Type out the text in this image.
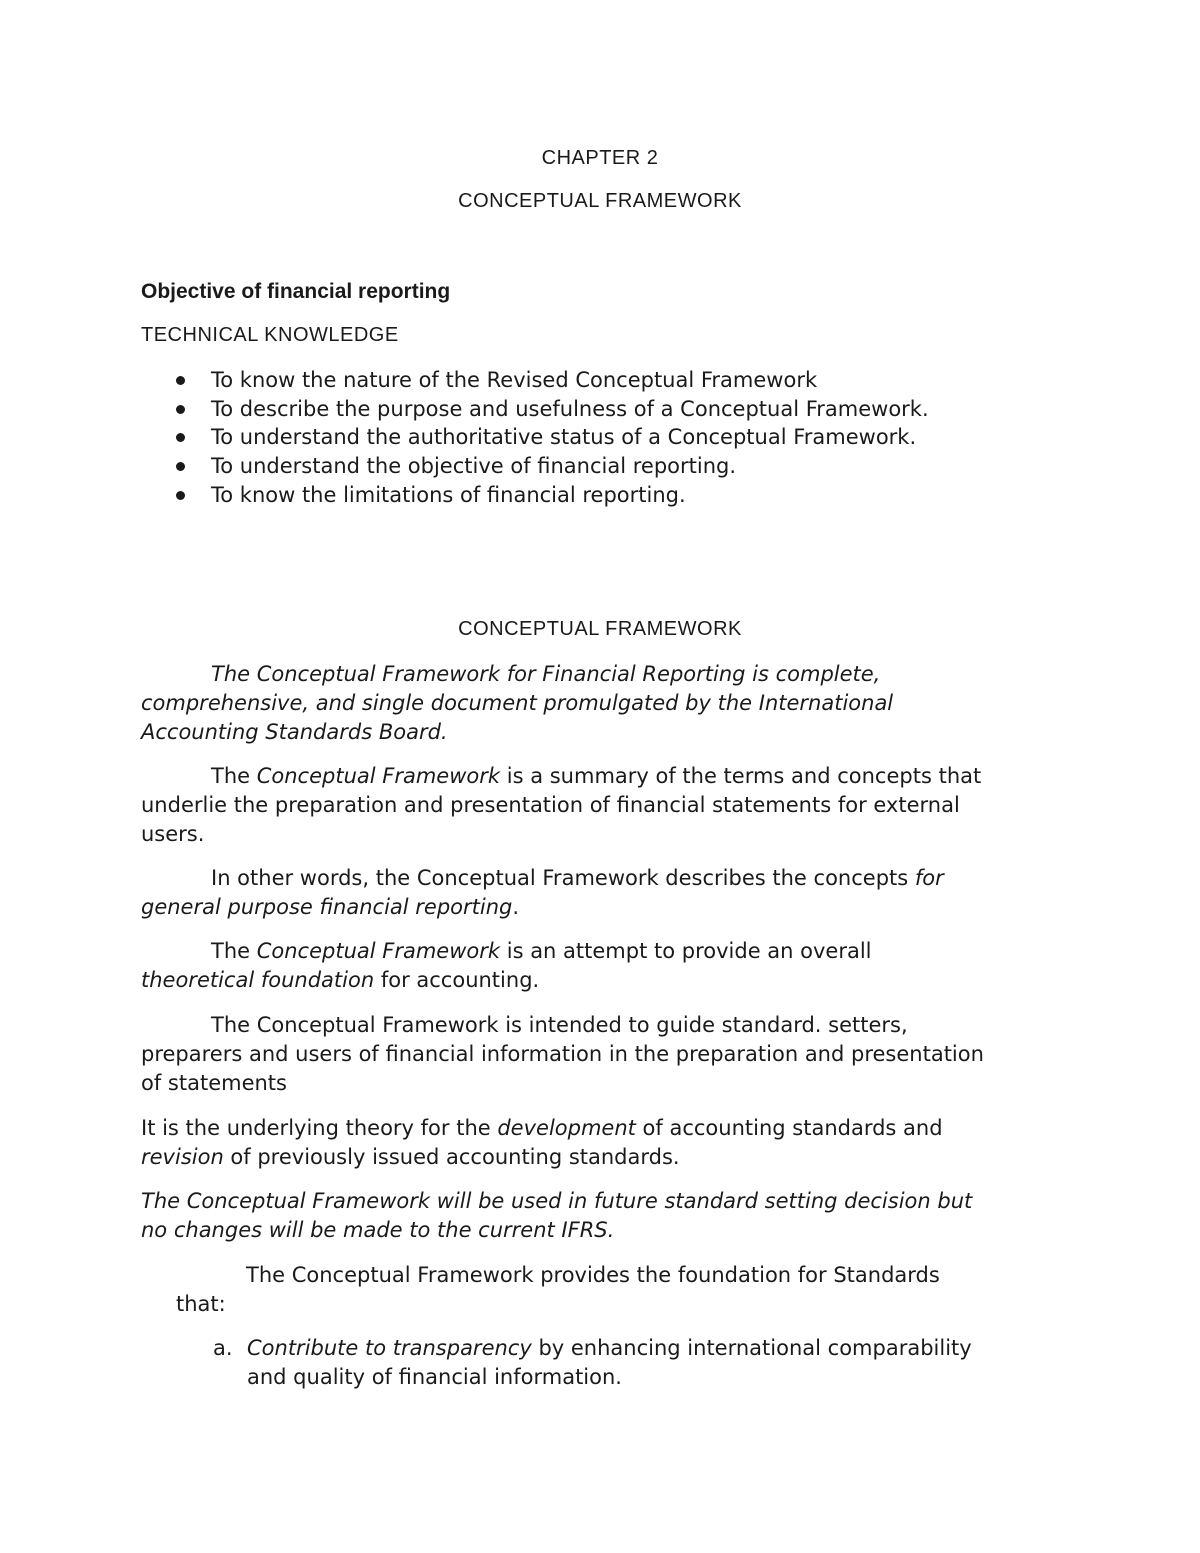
CHAPTER 2

CONCEPTUAL FRAMEWORK

Objective of financial reporting

TECHNICAL KNOWLEDGE

To know the nature of the Revised Conceptual Framework
To describe the purpose and usefulness of a Conceptual Framework.
To understand the authoritative status of a Conceptual Framework.
To understand the objective of financial reporting.
To know the limitations of financial reporting.

CONCEPTUAL FRAMEWORK

The Conceptual Framework for Financial Reporting is complete,
comprehensive, and single document promulgated by the International
Accounting Standards Board.
The Conceptual Framework is a summary of the terms and concepts that
underlie the preparation and presentation of financial statements for external
users.
In other words, the Conceptual Framework describes the concepts for
general purpose financial reporting.
The Conceptual Framework is an attempt to provide an overall
theoretical foundation for accounting.
The Conceptual Framework is intended to guide standard. setters,
preparers and users of financial information in the preparation and presentation
of statements
It is the underlying theory for the development of accounting standards and
revision of previously issued accounting standards.
The Conceptual Framework will be used in future standard setting decision but
no changes will be made to the current IFRS.
The Conceptual Framework provides the foundation for Standards
that:
a. Contribute to transparency by enhancing international comparability
and quality of financial information.
